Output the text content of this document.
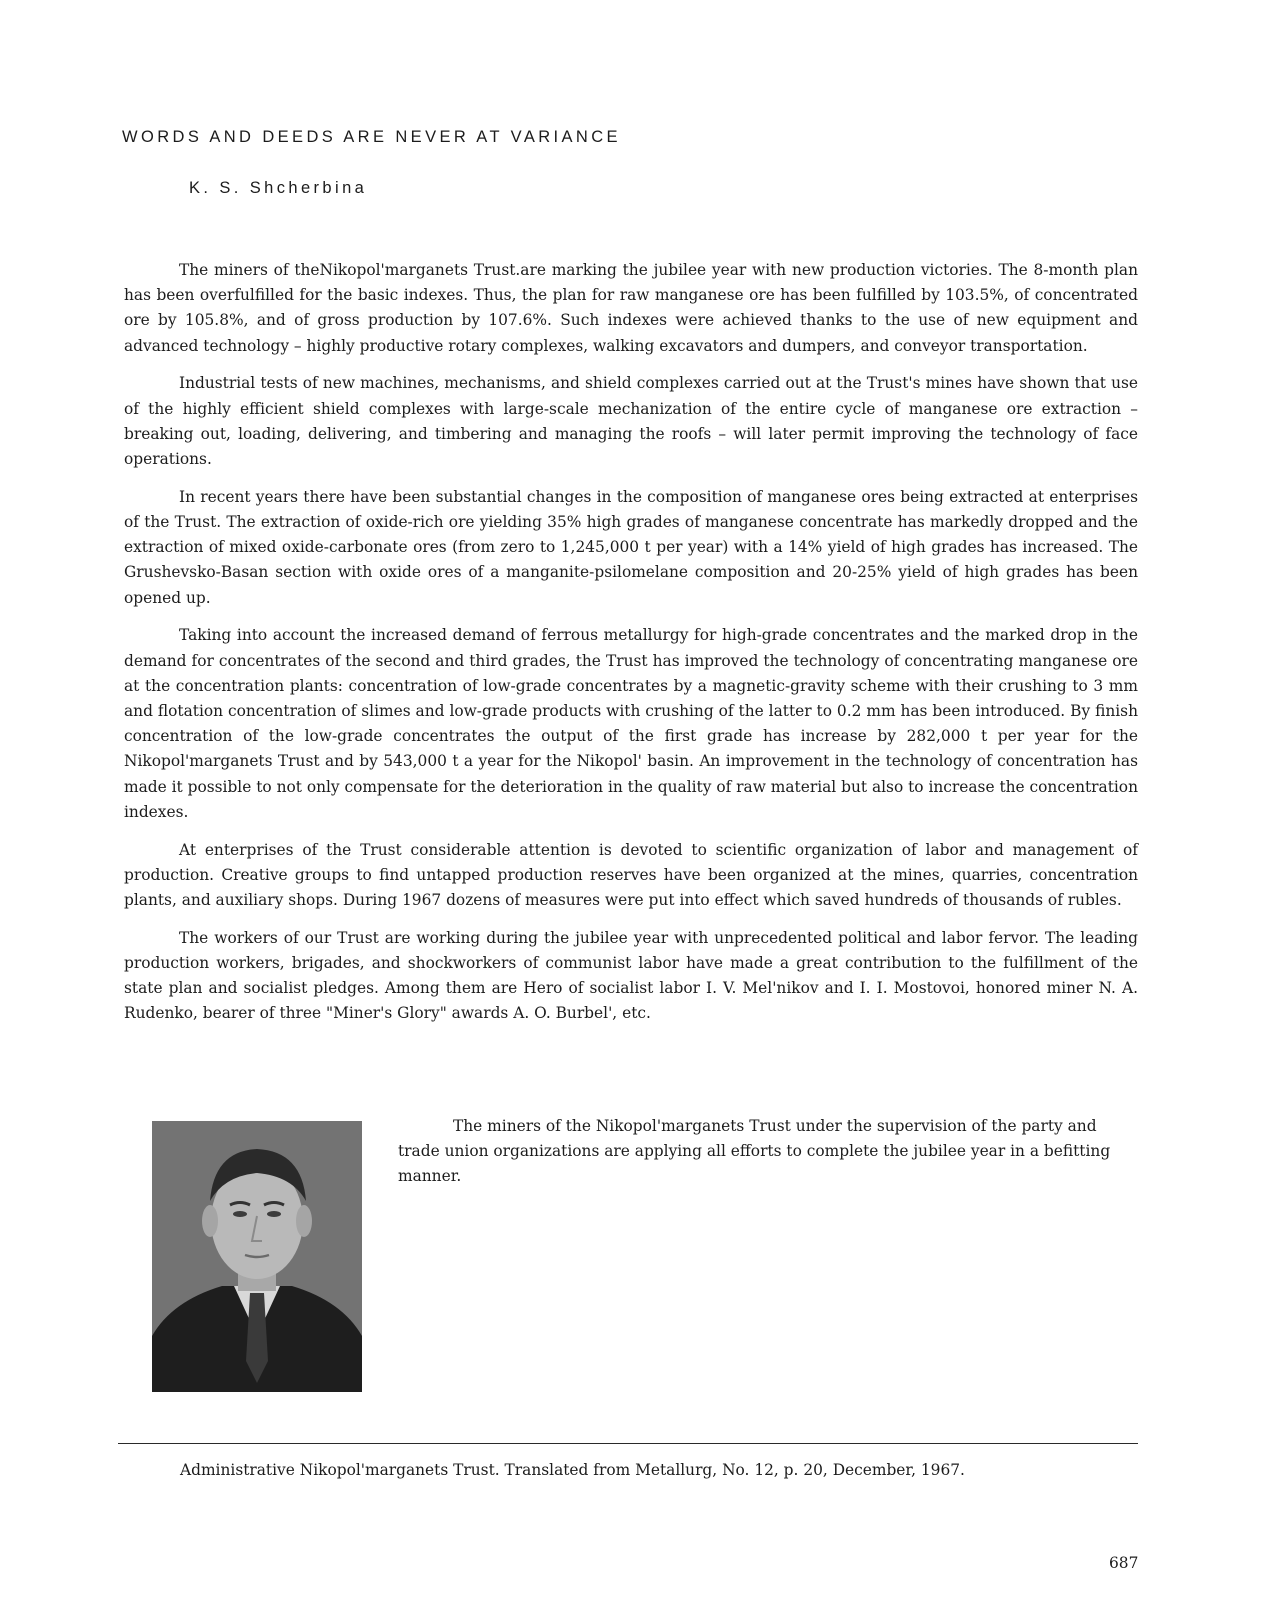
WORDS AND DEEDS ARE NEVER AT VARIANCE
K. S. Shcherbina

The miners of theNikopol'marganets Trust.are marking the jubilee year with new production victories. The 8-month plan has been overfulfilled for the basic indexes. Thus, the plan for raw manganese ore has been fulfilled by 103.5%, of concentrated ore by 105.8%, and of gross production by 107.6%. Such indexes were achieved thanks to the use of new equipment and advanced technology – highly productive rotary complexes, walking excavators and dumpers, and conveyor transportation.

Industrial tests of new machines, mechanisms, and shield complexes carried out at the Trust's mines have shown that use of the highly efficient shield complexes with large-scale mechanization of the entire cycle of manganese ore extraction – breaking out, loading, delivering, and timbering and managing the roofs – will later permit improving the technology of face operations.

In recent years there have been substantial changes in the composition of manganese ores being extracted at enterprises of the Trust. The extraction of oxide-rich ore yielding 35% high grades of manganese concentrate has markedly dropped and the extraction of mixed oxide-carbonate ores (from zero to 1,245,000 t per year) with a 14% yield of high grades has increased. The Grushevsko-Basan section with oxide ores of a manganite-psilomelane composition and 20-25% yield of high grades has been opened up.

Taking into account the increased demand of ferrous metallurgy for high-grade concentrates and the marked drop in the demand for concentrates of the second and third grades, the Trust has improved the technology of concentrating manganese ore at the concentration plants: concentration of low-grade concentrates by a magnetic-gravity scheme with their crushing to 3 mm and flotation concentration of slimes and low-grade products with crushing of the latter to 0.2 mm has been introduced. By finish concentration of the low-grade concentrates the output of the first grade has increase by 282,000 t per year for the Nikopol'marganets Trust and by 543,000 t a year for the Nikopol' basin. An improvement in the technology of concentration has made it possible to not only compensate for the deterioration in the quality of raw material but also to increase the concentration indexes.

At enterprises of the Trust considerable attention is devoted to scientific organization of labor and management of production. Creative groups to find untapped production reserves have been organized at the mines, quarries, concentration plants, and auxiliary shops. During 1967 dozens of measures were put into effect which saved hundreds of thousands of rubles.

The workers of our Trust are working during the jubilee year with unprecedented political and labor fervor. The leading production workers, brigades, and shockworkers of communist labor have made a great contribution to the fulfillment of the state plan and socialist pledges. Among them are Hero of socialist labor I. V. Mel'nikov and I. I. Mostovoi, honored miner N. A. Rudenko, bearer of three "Miner's Glory" awards A. O. Burbel', etc.

The miners of the Nikopol'marganets Trust under the supervision of the party and trade union organizations are applying all efforts to complete the jubilee year in a befitting manner.

Administrative Nikopol'marganets Trust. Translated from Metallurg, No. 12, p. 20, December, 1967.
687
